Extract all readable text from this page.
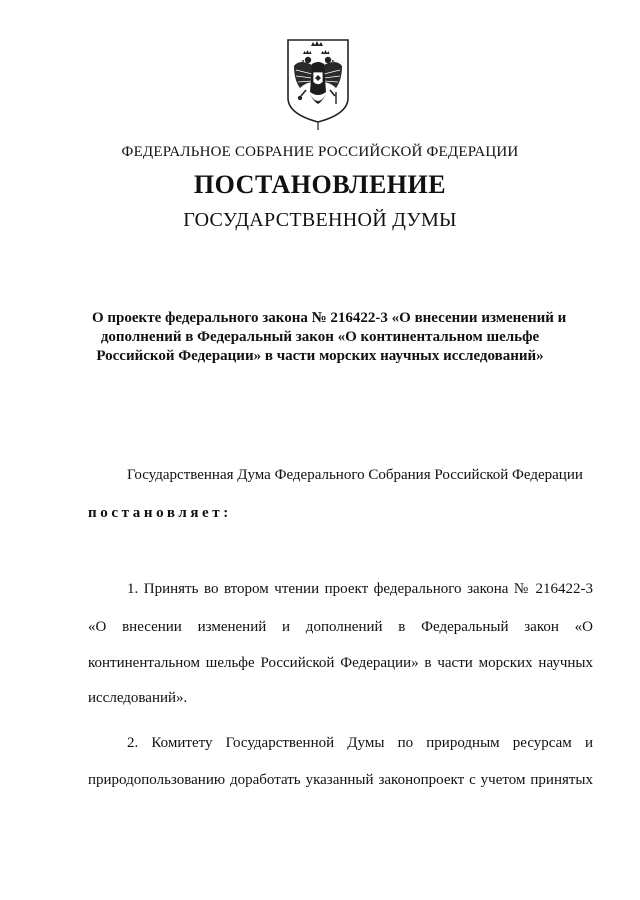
ФЕДЕРАЛЬНОЕ СОБРАНИЕ РОССИЙСКОЙ ФЕДЕРАЦИИ
ПОСТАНОВЛЕНИЕ
ГОСУДАРСТВЕННОЙ ДУМЫ
О проекте федерального закона № 216422-3 «О внесении изменений и
дополнений в Федеральный закон «О континентальном шельфе
Российской Федерации» в части морских научных исследований»
Государственная Дума Федерального Собрания Российской Федерации
постановляет:
1. Принять во втором чтении проект федерального закона № 216422-3
«О внесении изменений и дополнений в Федеральный закон «О
континентальном шельфе Российской Федерации» в части морских научных
исследований».
2. Комитету Государственной Думы по природным ресурсам и
природопользованию доработать указанный законопроект с учетом принятых
